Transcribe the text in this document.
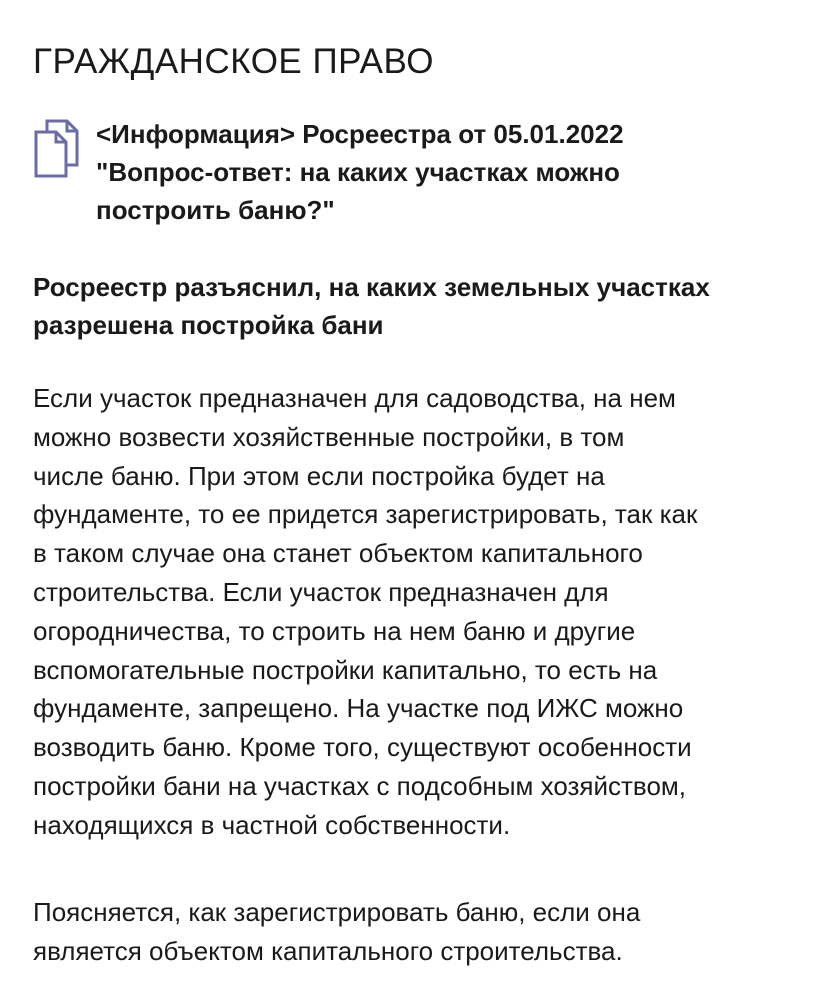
ГРАЖДАНСКОЕ ПРАВО

<Информация> Росреестра от 05.01.2022
"Вопрос-ответ: на каких участках можно
построить баню?"

Росреестр разъяснил, на каких земельных участках
разрешена постройка бани

Если участок предназначен для садоводства, на нем
можно возвести хозяйственные постройки, в том
числе баню. При этом если постройка будет на
фундаменте, то ее придется зарегистрировать, так как
в таком случае она станет объектом капитального
строительства. Если участок предназначен для
огородничества, то строить на нем баню и другие
вспомогательные постройки капитально, то есть на
фундаменте, запрещено. На участке под ИЖС можно
возводить баню. Кроме того, существуют особенности
постройки бани на участках с подсобным хозяйством,
находящихся в частной собственности.

Поясняется, как зарегистрировать баню, если она
является объектом капитального строительства.
